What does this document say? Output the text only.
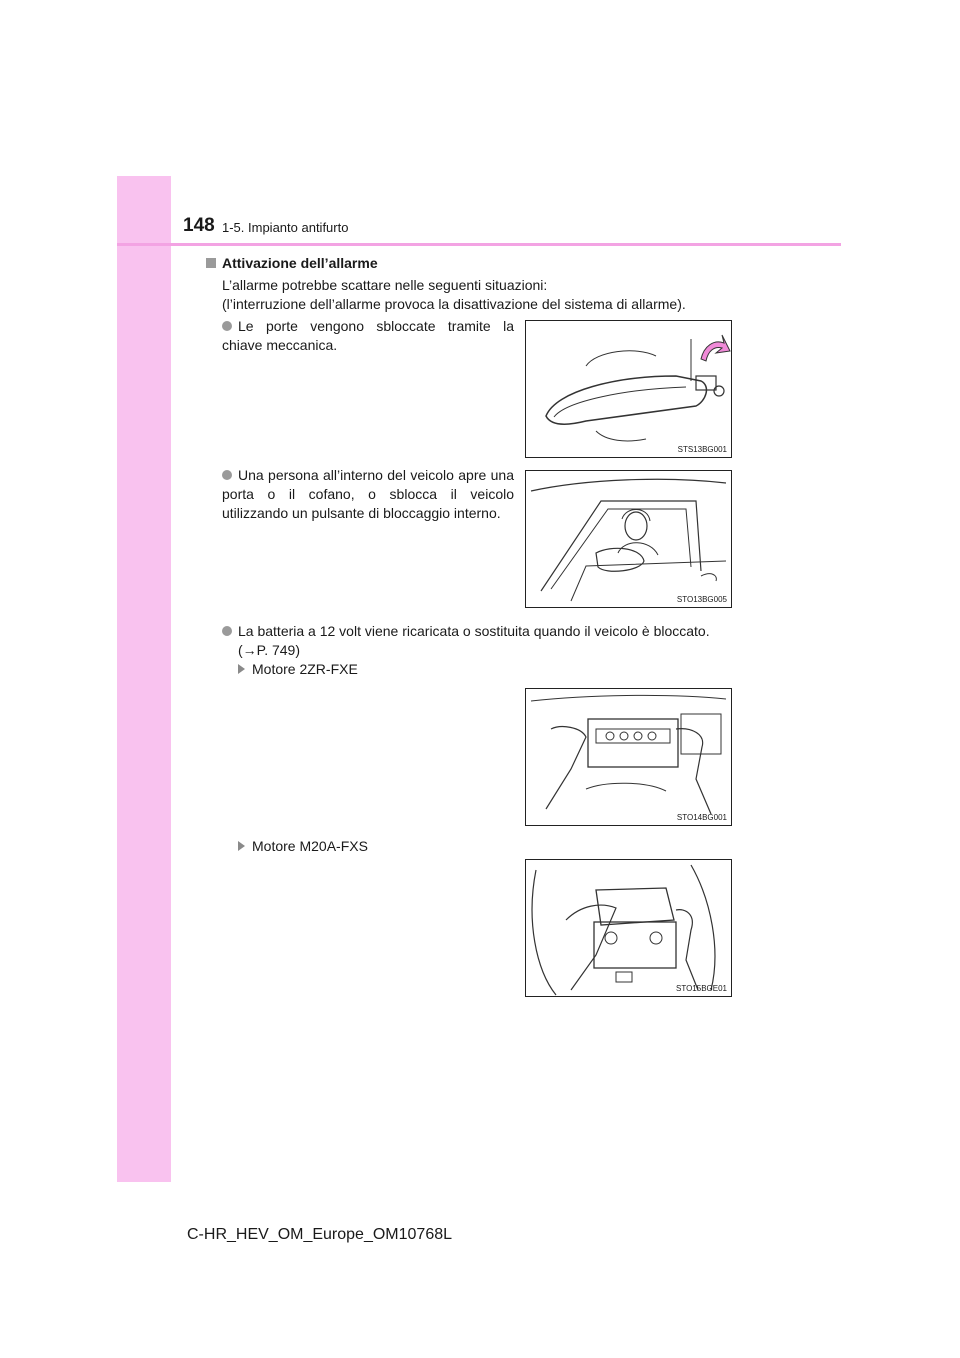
148 1-5. Impianto antifurto
Attivazione dell’allarme
L’allarme potrebbe scattare nelle seguenti situazioni:
(l’interruzione dell’allarme provoca la disattivazione del sistema di allarme).
Le porte vengono sbloccate tramite la chiave meccanica.
STS13BG001
Una persona all’interno del veicolo apre una porta o il cofano, o sblocca il veicolo utilizzando un pulsante di bloccaggio interno.
STO13BG005
La batteria a 12 volt viene ricaricata o sostituita quando il veicolo è bloccato.
(→P. 749)
Motore 2ZR-FXE
STO14BG001
Motore M20A-FXS
STO15BGE01
C-HR_HEV_OM_Europe_OM10768L
